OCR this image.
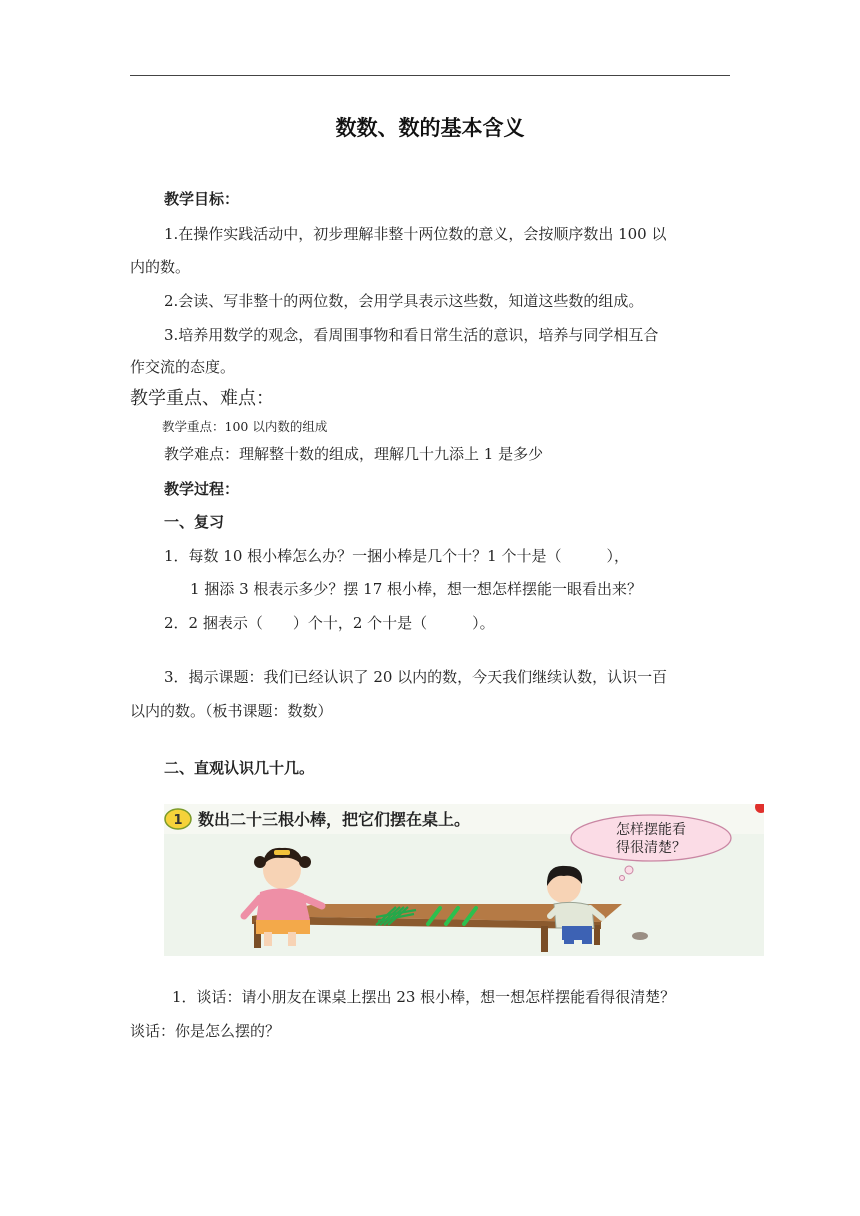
数数、数的基本含义
教学目标：
1.在操作实践活动中，初步理解非整十两位数的意义，会按顺序数出 100 以
内的数。
2.会读、写非整十的两位数，会用学具表示这些数，知道这些数的组成。
3.培养用数学的观念，看周围事物和看日常生活的意识，培养与同学相互合
作交流的态度。
教学重点、难点：
教学重点：100 以内数的组成
教学难点：理解整十数的组成，理解几十九添上 1 是多少
教学过程：
一、复习
1．每数 10 根小棒怎么办？一捆小棒是几个十？1 个十是（　　　），
1 捆添 3 根表示多少？摆 17 根小棒，想一想怎样摆能一眼看出来？
2．2 捆表示（　　）个十，2 个十是（　　　）。
3．揭示课题：我们已经认识了 20 以内的数，今天我们继续认数，认识一百
以内的数。（板书课题：数数）
二、直观认识几十几。
1 数出二十三根小棒，把它们摆在桌上。
怎样摆能看
得很清楚？
1．谈话：请小朋友在课桌上摆出 23 根小棒，想一想怎样摆能看得很清楚？
谈话：你是怎么摆的？
